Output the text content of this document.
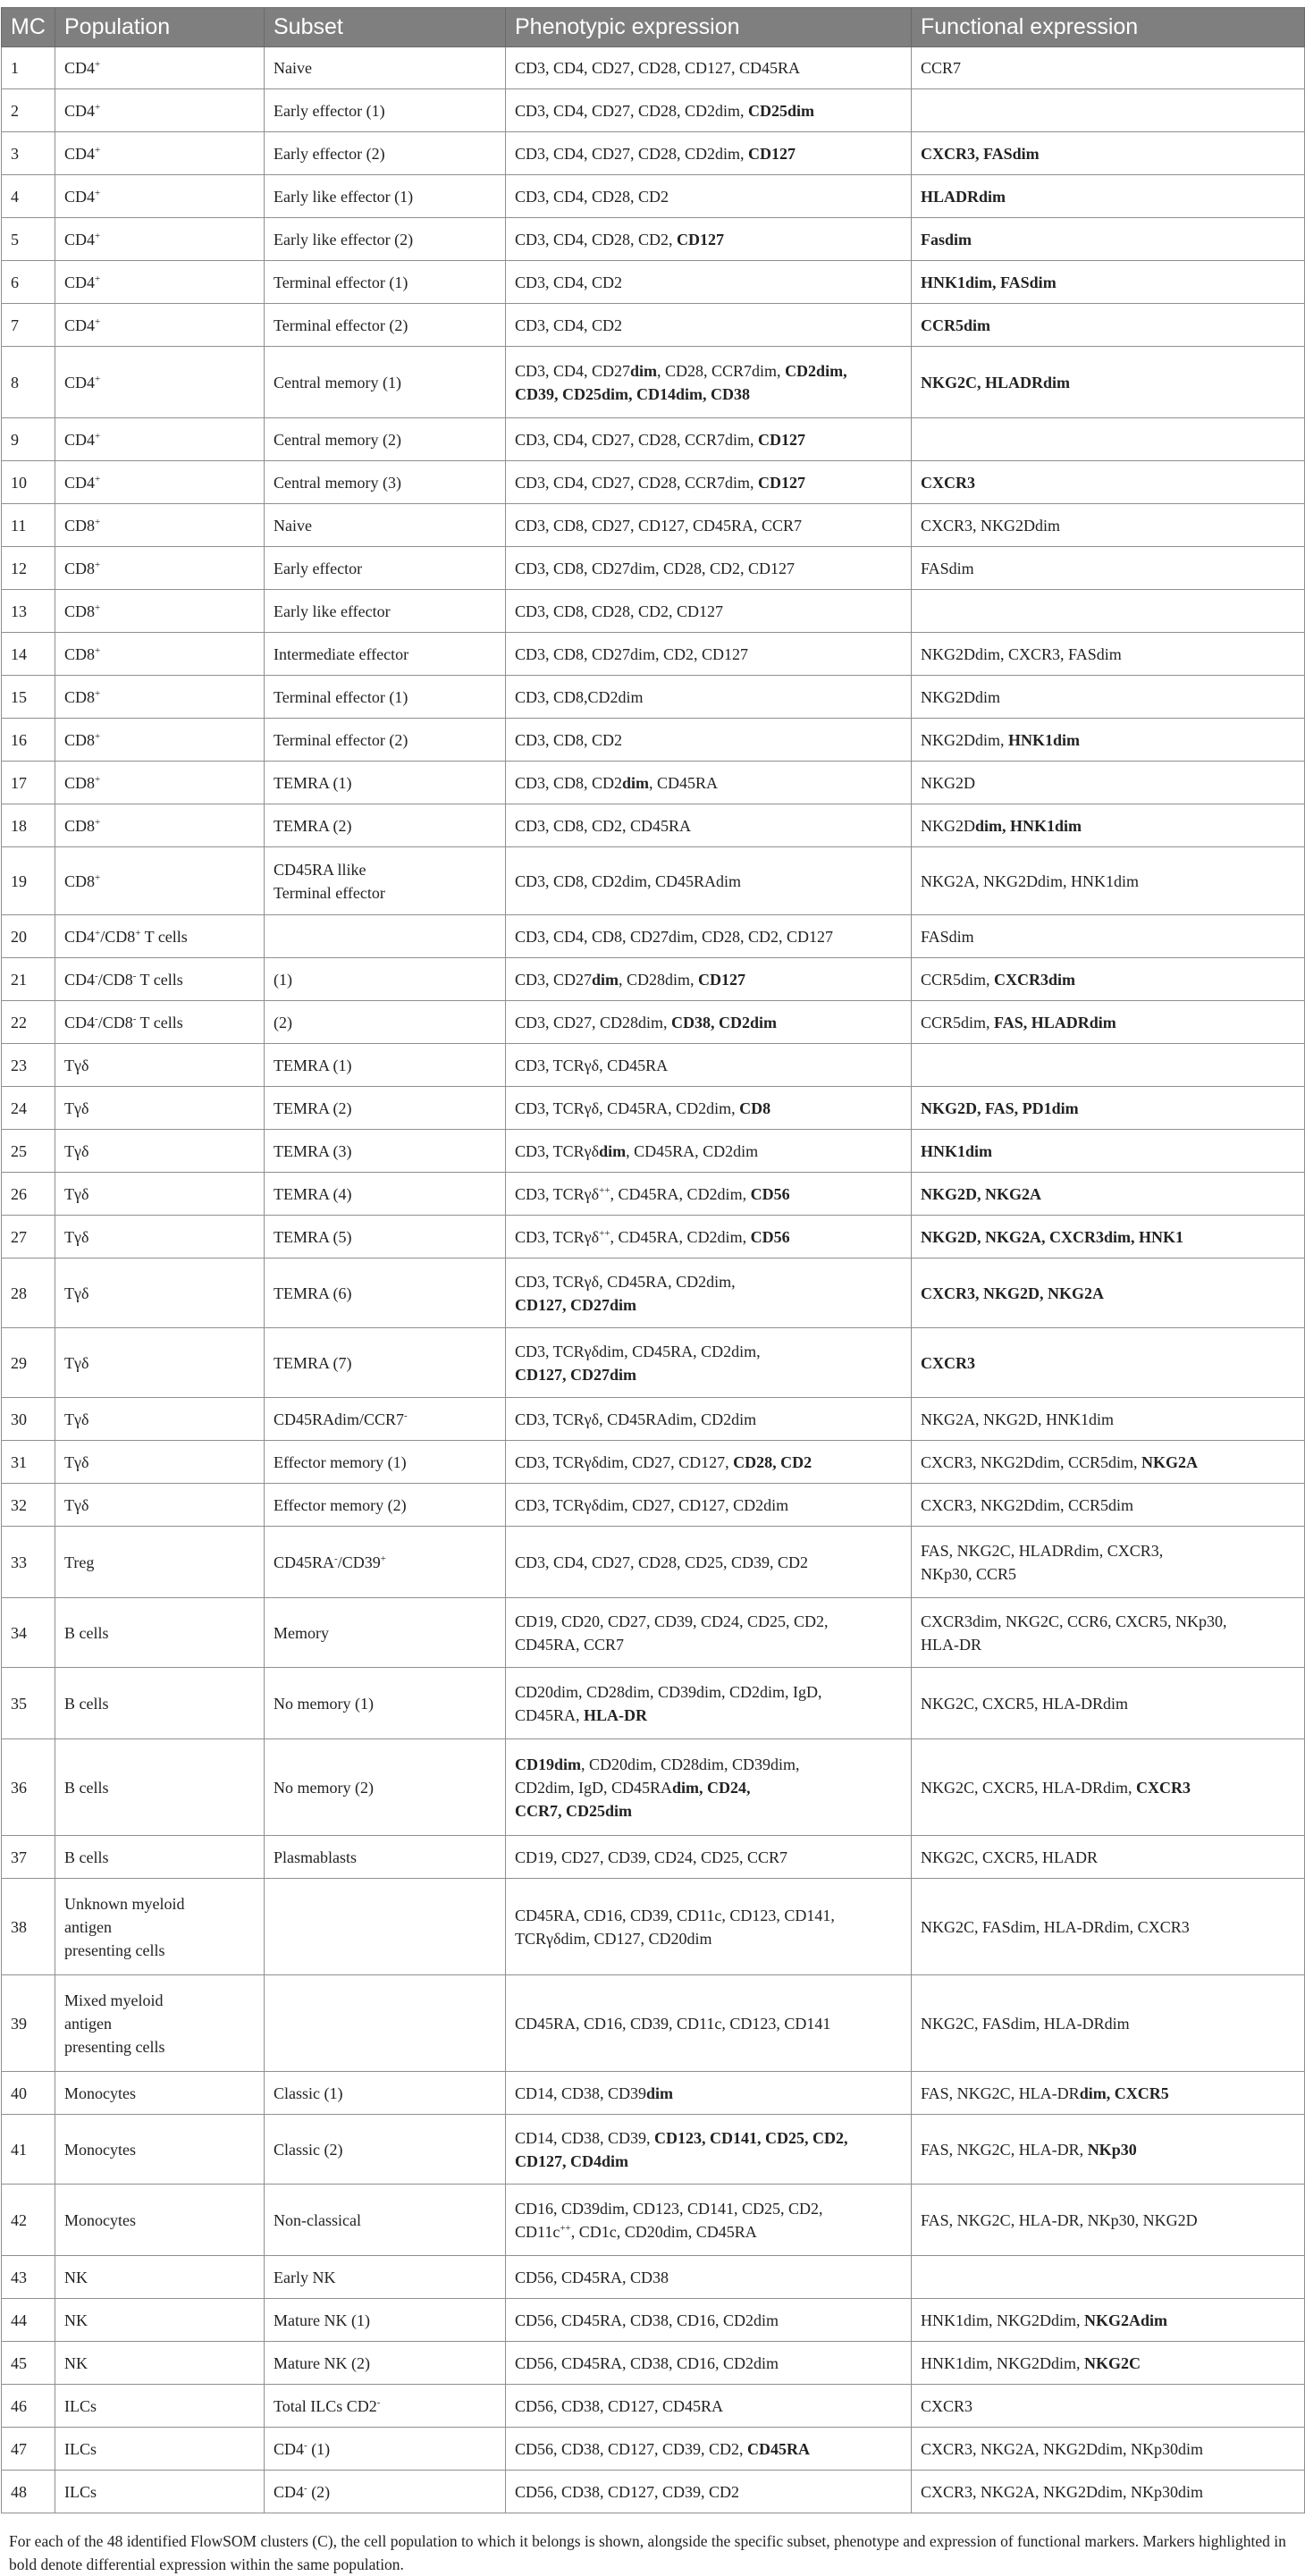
MC	Population	Subset	Phenotypic expression	Functional expression
1	CD4+	Naive	CD3, CD4, CD27, CD28, CD127, CD45RA	CCR7
2	CD4+	Early effector (1)	CD3, CD4, CD27, CD28, CD2dim, CD25dim	
3	CD4+	Early effector (2)	CD3, CD4, CD27, CD28, CD2dim, CD127	CXCR3, FASdim
4	CD4+	Early like effector (1)	CD3, CD4, CD28, CD2	HLADRdim
5	CD4+	Early like effector (2)	CD3, CD4, CD28, CD2, CD127	Fasdim
6	CD4+	Terminal effector (1)	CD3, CD4, CD2	HNK1dim, FASdim
7	CD4+	Terminal effector (2)	CD3, CD4, CD2	CCR5dim
8	CD4+	Central memory (1)	CD3, CD4, CD27dim, CD28, CCR7dim, CD2dim,
CD39, CD25dim, CD14dim, CD38	NKG2C, HLADRdim
9	CD4+	Central memory (2)	CD3, CD4, CD27, CD28, CCR7dim, CD127	
10	CD4+	Central memory (3)	CD3, CD4, CD27, CD28, CCR7dim, CD127	CXCR3
11	CD8+	Naive	CD3, CD8, CD27, CD127, CD45RA, CCR7	CXCR3, NKG2Ddim
12	CD8+	Early effector	CD3, CD8, CD27dim, CD28, CD2, CD127	FASdim
13	CD8+	Early like effector	CD3, CD8, CD28, CD2, CD127	
14	CD8+	Intermediate effector	CD3, CD8, CD27dim, CD2, CD127	NKG2Ddim, CXCR3, FASdim
15	CD8+	Terminal effector (1)	CD3, CD8,CD2dim	NKG2Ddim
16	CD8+	Terminal effector (2)	CD3, CD8, CD2	NKG2Ddim, HNK1dim
17	CD8+	TEMRA (1)	CD3, CD8, CD2dim, CD45RA	NKG2D
18	CD8+	TEMRA (2)	CD3, CD8, CD2, CD45RA	NKG2Ddim, HNK1dim
19	CD8+	CD45RA llike
Terminal effector	CD3, CD8, CD2dim, CD45RAdim	NKG2A, NKG2Ddim, HNK1dim
20	CD4+/CD8+ T cells		CD3, CD4, CD8, CD27dim, CD28, CD2, CD127	FASdim
21	CD4-/CD8- T cells	(1)	CD3, CD27dim, CD28dim, CD127	CCR5dim, CXCR3dim
22	CD4-/CD8- T cells	(2)	CD3, CD27, CD28dim, CD38, CD2dim	CCR5dim, FAS, HLADRdim
23	Tγδ	TEMRA (1)	CD3, TCRγδ, CD45RA	
24	Tγδ	TEMRA (2)	CD3, TCRγδ, CD45RA, CD2dim, CD8	NKG2D, FAS, PD1dim
25	Tγδ	TEMRA (3)	CD3, TCRγδdim, CD45RA, CD2dim	HNK1dim
26	Tγδ	TEMRA (4)	CD3, TCRγδ++, CD45RA, CD2dim, CD56	NKG2D, NKG2A
27	Tγδ	TEMRA (5)	CD3, TCRγδ++, CD45RA, CD2dim, CD56	NKG2D, NKG2A, CXCR3dim, HNK1
28	Tγδ	TEMRA (6)	CD3, TCRγδ, CD45RA, CD2dim,
CD127, CD27dim	CXCR3, NKG2D, NKG2A
29	Tγδ	TEMRA (7)	CD3, TCRγδdim, CD45RA, CD2dim,
CD127, CD27dim	CXCR3
30	Tγδ	CD45RAdim/CCR7-	CD3, TCRγδ, CD45RAdim, CD2dim	NKG2A, NKG2D, HNK1dim
31	Tγδ	Effector memory (1)	CD3, TCRγδdim, CD27, CD127, CD28, CD2	CXCR3, NKG2Ddim, CCR5dim, NKG2A
32	Tγδ	Effector memory (2)	CD3, TCRγδdim, CD27, CD127, CD2dim	CXCR3, NKG2Ddim, CCR5dim
33	Treg	CD45RA-/CD39+	CD3, CD4, CD27, CD28, CD25, CD39, CD2	FAS, NKG2C, HLADRdim, CXCR3,
NKp30, CCR5
34	B cells	Memory	CD19, CD20, CD27, CD39, CD24, CD25, CD2,
CD45RA, CCR7	CXCR3dim, NKG2C, CCR6, CXCR5, NKp30,
HLA-DR
35	B cells	No memory (1)	CD20dim, CD28dim, CD39dim, CD2dim, IgD,
CD45RA, HLA-DR	NKG2C, CXCR5, HLA-DRdim
36	B cells	No memory (2)	CD19dim, CD20dim, CD28dim, CD39dim,
CD2dim, IgD, CD45RAdim, CD24,
CCR7, CD25dim	NKG2C, CXCR5, HLA-DRdim, CXCR3
37	B cells	Plasmablasts	CD19, CD27, CD39, CD24, CD25, CCR7	NKG2C, CXCR5, HLADR
38	Unknown myeloid
antigen
presenting cells		CD45RA, CD16, CD39, CD11c, CD123, CD141,
TCRγδdim, CD127, CD20dim	NKG2C, FASdim, HLA-DRdim, CXCR3
39	Mixed myeloid
antigen
presenting cells		CD45RA, CD16, CD39, CD11c, CD123, CD141	NKG2C, FASdim, HLA-DRdim
40	Monocytes	Classic (1)	CD14, CD38, CD39dim	FAS, NKG2C, HLA-DRdim, CXCR5
41	Monocytes	Classic (2)	CD14, CD38, CD39, CD123, CD141, CD25, CD2,
CD127, CD4dim	FAS, NKG2C, HLA-DR, NKp30
42	Monocytes	Non-classical	CD16, CD39dim, CD123, CD141, CD25, CD2,
CD11c++, CD1c, CD20dim, CD45RA	FAS, NKG2C, HLA-DR, NKp30, NKG2D
43	NK	Early NK	CD56, CD45RA, CD38	
44	NK	Mature NK (1)	CD56, CD45RA, CD38, CD16, CD2dim	HNK1dim, NKG2Ddim, NKG2Adim
45	NK	Mature NK (2)	CD56, CD45RA, CD38, CD16, CD2dim	HNK1dim, NKG2Ddim, NKG2C
46	ILCs	Total ILCs CD2-	CD56, CD38, CD127, CD45RA	CXCR3
47	ILCs	CD4- (1)	CD56, CD38, CD127, CD39, CD2, CD45RA	CXCR3, NKG2A, NKG2Ddim, NKp30dim
48	ILCs	CD4- (2)	CD56, CD38, CD127, CD39, CD2	CXCR3, NKG2A, NKG2Ddim, NKp30dim
For each of the 48 identified FlowSOM clusters (C), the cell population to which it belongs is shown, alongside the specific subset, phenotype and expression of functional markers. Markers highlighted in bold denote differential expression within the same population.
